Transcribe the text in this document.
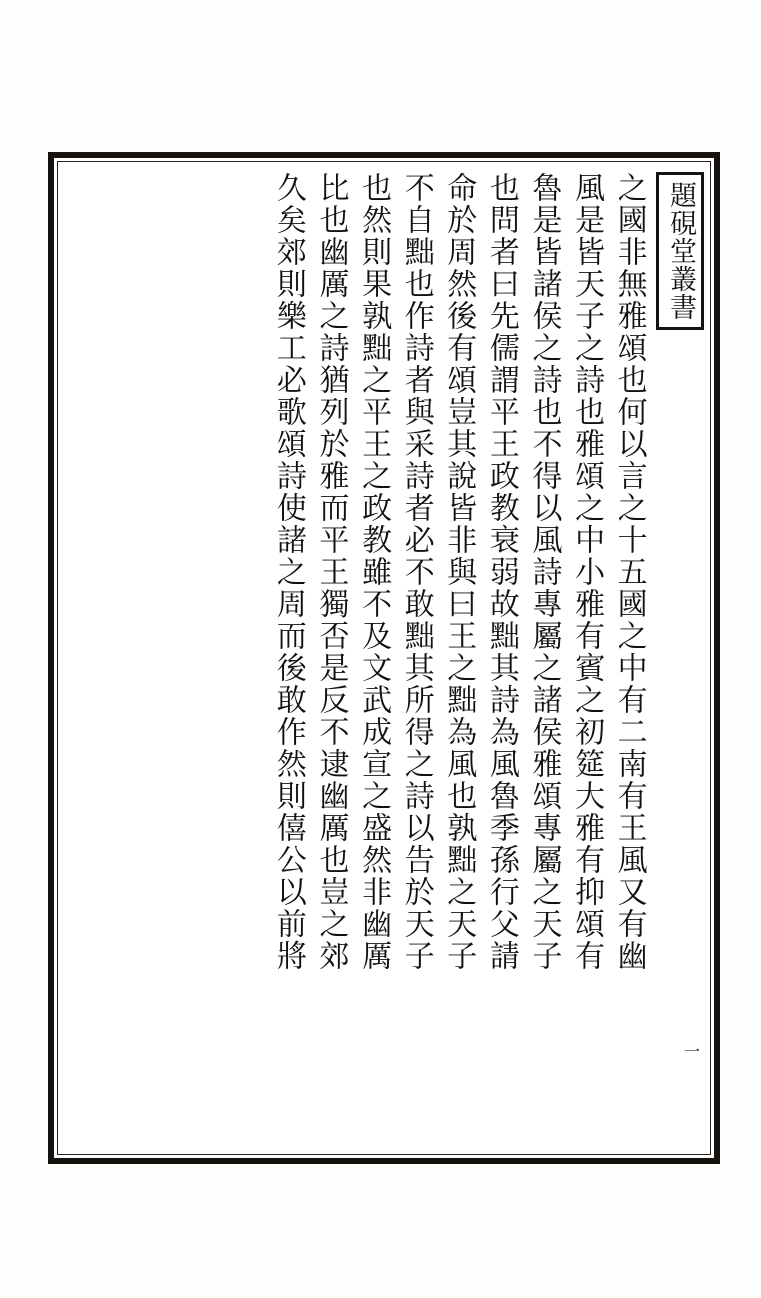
題硯堂叢書
之國非無雅頌也何以言之十五國之中有二南有王風又有幽
風是皆天子之詩也雅頌之中小雅有賓之初筵大雅有抑頌有
魯是皆諸侯之詩也不得以風詩專屬之諸侯雅頌專屬之天子
也問者曰先儒謂平王政教衰弱故黜其詩為風魯季孫行父請
命於周然後有頌豈其說皆非與曰王之黜為風也孰黜之天子
不自黜也作詩者與采詩者必不敢黜其所得之詩以告於天子
也然則果孰黜之平王之政教雖不及文武成宣之盛然非幽厲
比也幽厲之詩猶列於雅而平王獨否是反不逮幽厲也豈之郊
久矣郊則樂工必歌頌詩使諸之周而後敢作然則僖公以前將
一
